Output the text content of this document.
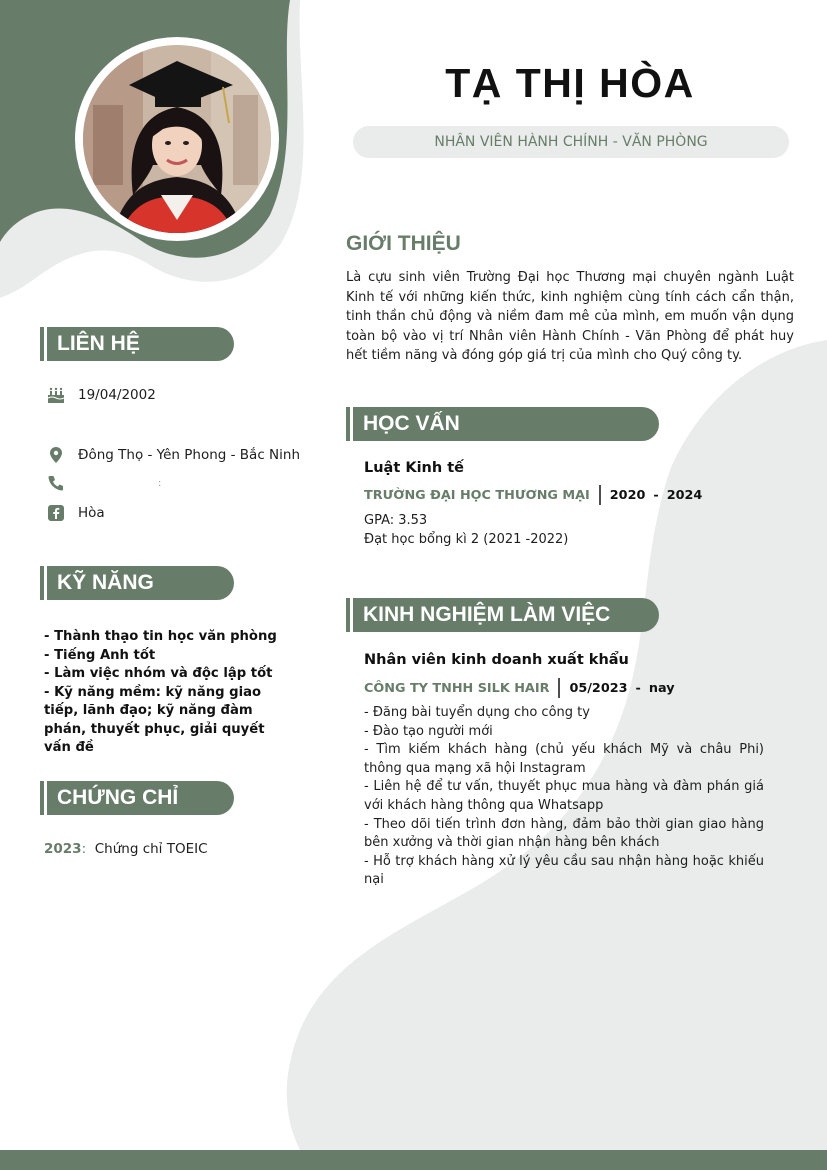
TẠ THỊ HÒA
NHÂN VIÊN HÀNH CHÍNH - VĂN PHÒNG
GIỚI THIỆU
Là cựu sinh viên Trường Đại học Thương mại chuyên ngành Luật Kinh tế với những kiến thức, kinh nghiệm cùng tính cách cẩn thận, tinh thần chủ động và niềm đam mê của mình, em muốn vận dụng toàn bộ vào vị trí Nhân viên Hành Chính - Văn Phòng để phát huy hết tiềm năng và đóng góp giá trị của mình cho Quý công ty.
LIÊN HỆ
19/04/2002
Đông Thọ - Yên Phong - Bắc Ninh
:
Hòa
KỸ NĂNG
- Thành thạo tin học văn phòng
- Tiếng Anh tốt
- Làm việc nhóm và độc lập tốt
- Kỹ năng mềm: kỹ năng giao tiếp, lãnh đạo; kỹ năng đàm phán, thuyết phục, giải quyết vấn đề
CHỨNG CHỈ
2023: Chứng chỉ TOEIC
HỌC VẤN
Luật Kinh tế
TRƯỜNG ĐẠI HỌC THƯƠNG MẠI 2020 - 2024
GPA: 3.53
Đạt học bổng kì 2 (2021 -2022)
KINH NGHIỆM LÀM VIỆC
Nhân viên kinh doanh xuất khẩu
CÔNG TY TNHH SILK HAIR 05/2023 - nay
- Đăng bài tuyển dụng cho công ty
- Đào tạo người mới
- Tìm kiếm khách hàng (chủ yếu khách Mỹ và châu Phi) thông qua mạng xã hội Instagram
- Liên hệ để tư vấn, thuyết phục mua hàng và đàm phán giá với khách hàng thông qua Whatsapp
- Theo dõi tiến trình đơn hàng, đảm bảo thời gian giao hàng bên xưởng và thời gian nhận hàng bên khách
- Hỗ trợ khách hàng xử lý yêu cầu sau nhận hàng hoặc khiếu nại
